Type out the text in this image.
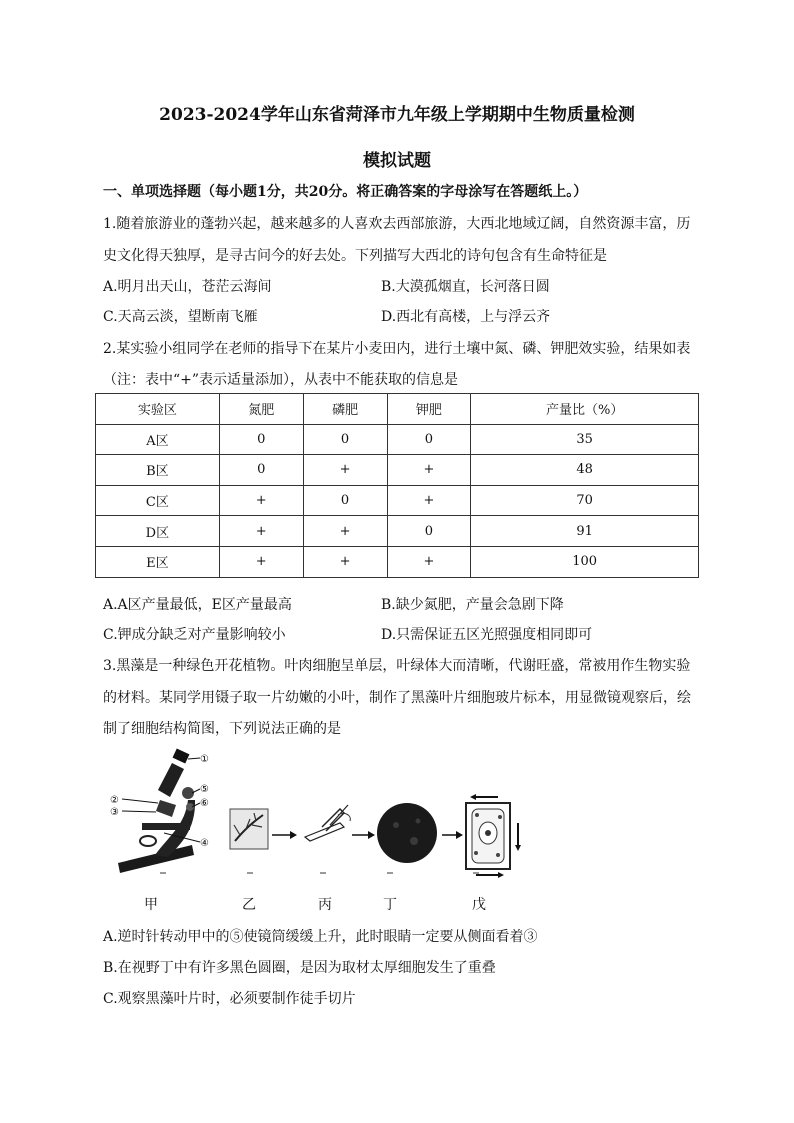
2023-2024学年山东省菏泽市九年级上学期期中生物质量检测
模拟试题
一、单项选择题（每小题1分，共20分。将正确答案的字母涂写在答题纸上。）
1.随着旅游业的蓬勃兴起，越来越多的人喜欢去西部旅游，大西北地域辽阔，自然资源丰富，历
史文化得天独厚，是寻古问今的好去处。下列描写大西北的诗句包含有生命特征是
A.明月出天山，苍茫云海间	B.大漠孤烟直，长河落日圆
C.天高云淡，望断南飞雁	D.西北有高楼，上与浮云齐
2.某实验小组同学在老师的指导下在某片小麦田内，进行土壤中氮、磷、钾肥效实验，结果如表
（注：表中“+”表示适量添加），从表中不能获取的信息是
实验区	氮肥	磷肥	钾肥	产量比（%）
A区	0	0	0	35
B区	0	+	+	48
C区	+	0	+	70
D区	+	+	0	91
E区	+	+	+	100
A.A区产量最低，E区产量最高	B.缺少氮肥，产量会急剧下降
C.钾成分缺乏对产量影响较小	D.只需保证五区光照强度相同即可
3.黑藻是一种绿色开花植物。叶肉细胞呈单层，叶绿体大而清晰，代谢旺盛，常被用作生物实验
的材料。某同学用镊子取一片幼嫩的小叶，制作了黑藻叶片细胞玻片标本，用显微镜观察后，绘
制了细胞结构简图，下列说法正确的是
①
②
③
④
⑤
⑥
甲	乙	丙	丁	戊
A.逆时针转动甲中的⑤使镜筒缓缓上升，此时眼睛一定要从侧面看着③
B.在视野丁中有许多黑色圆圈，是因为取材太厚细胞发生了重叠
C.观察黑藻叶片时，必须要制作徒手切片
